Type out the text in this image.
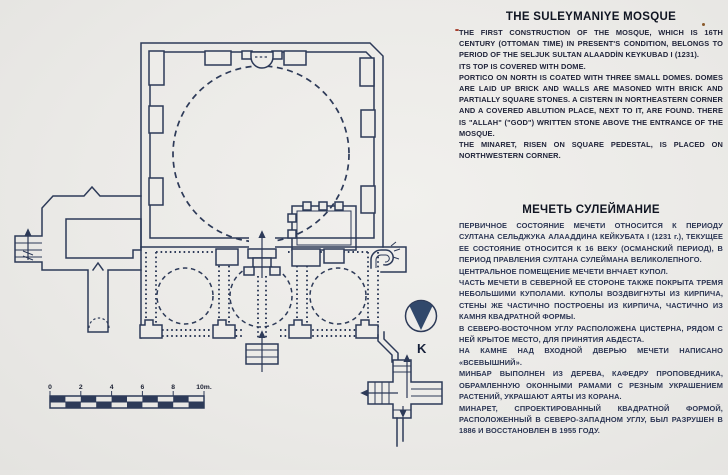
K
0	2	4	6	8	10m.
THE SULEYMANIYE MOSQUE

THE FIRST CONSTRUCTION OF THE MOSQUE, WHICH IS 16TH CENTURY (OTTOMAN TIME) IN PRESENT'S CONDITION, BELONGS TO PERIOD OF THE SELJUK SULTAN ALAADDİN KEYKUBAD I (1231).

ITS TOP IS COVERED WITH DOME.

PORTICO ON NORTH IS COATED WITH THREE SMALL DOMES. DOMES ARE LAID UP BRICK AND WALLS ARE MASONED WITH BRICK AND PARTIALLY SQUARE STONES. A CISTERN IN NORTHEASTERN CORNER AND A COVERED ABLUTION PLACE, NEXT TO IT, ARE FOUND. THERE IS "ALLAH" ("GOD") WRITTEN STONE ABOVE THE ENTRANCE OF THE MOSQUE.

THE MINARET, RISEN ON SQUARE PEDESTAL, IS PLACED ON NORTHWESTERN CORNER.

МЕЧЕТЬ СУЛЕЙМАНИЕ

ПЕРВИЧНОЕ СОСТОЯНИЕ МЕЧЕТИ ОТНОСИТСЯ К ПЕРИОДУ СУЛТАНА СЕЛЬДЖУКА АЛААДДИНА КЕЙКУБАТА I (1231 г.), ТЕКУЩЕЕ ЕЕ СОСТОЯНИЕ ОТНОСИТСЯ К 16 ВЕКУ (ОСМАНСКИЙ ПЕРИОД), В ПЕРИОД ПРАВЛЕНИЯ СУЛТАНА СУЛЕЙМАНА ВЕЛИКОЛЕПНОГО.

ЦЕНТРАЛЬНОЕ ПОМЕЩЕНИЕ МЕЧЕТИ ВНЧАЕТ КУПОЛ.

ЧАСТЬ МЕЧЕТИ В СЕВЕРНОЙ ЕЕ СТОРОНЕ ТАКЖЕ ПОКРЫТА ТРЕМЯ НЕБОЛЬШИМИ КУПОЛАМИ. КУПОЛЫ ВОЗДВИГНУТЫ ИЗ КИРПИЧА, СТЕНЫ ЖЕ ЧАСТИЧНО ПОСТРОЕНЫ ИЗ КИРПИЧА, ЧАСТИЧНО ИЗ КАМНЯ КВАДРАТНОЙ ФОРМЫ.

В СЕВЕРО-ВОСТОЧНОМ УГЛУ РАСПОЛОЖЕНА ЦИСТЕРНА, РЯДОМ С НЕЙ КРЫТОЕ МЕСТО, ДЛЯ ПРИНЯТИЯ АБДЕСТА.

НА КАМНЕ НАД ВХОДНОЙ ДВЕРЬЮ МЕЧЕТИ НАПИСАНО «ВСЕВЫШНИЙ».

МИНБАР ВЫПОЛНЕН ИЗ ДЕРЕВА, КАФЕДРУ ПРОПОВЕДНИКА, ОБРАМЛЕННУЮ ОКОННЫМИ РАМАМИ С РЕЗНЫМ УКРАШЕНИЕМ РАСТЕНИЙ, УКРАШАЮТ АЯТЫ ИЗ КОРАНА.

МИНАРЕТ, СПРОЕКТИРОВАННЫЙ КВАДРАТНОЙ ФОРМОЙ, РАСПОЛОЖЕННЫЙ В СЕВЕРО-ЗАПАДНОМ УГЛУ, БЫЛ РАЗРУШЕН В 1886 И ВОССТАНОВЛЕН В 1955 ГОДУ.
